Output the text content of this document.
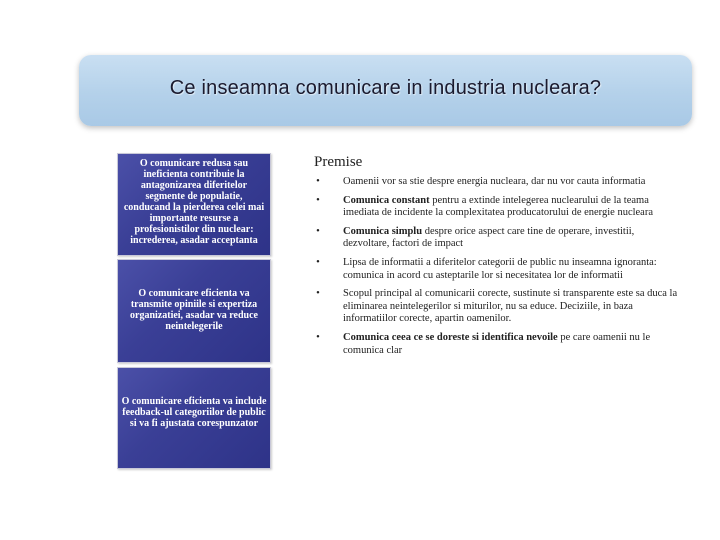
Ce inseamna comunicare in industria nucleara?
O comunicare redusa sau ineficienta contribuie la antagonizarea diferitelor segmente de populatie, conducand la pierderea celei mai importante resurse a profesionistilor din nuclear: increderea, asadar acceptanta
O comunicare eficienta va transmite opiniile si expertiza organizatiei, asadar va reduce neintelegerile
O comunicare eficienta va include feedback-ul categoriilor de public si va fi ajustata corespunzator
Premise
•	Oamenii vor sa stie despre energia nucleara, dar nu vor cauta informatia
•	Comunica constant pentru a extinde intelegerea nuclearului de la teama imediata de incidente la complexitatea producatorului de energie nucleara
•	Comunica simplu despre orice aspect care tine de operare, investitii, dezvoltare, factori de impact
•	Lipsa de informatii a diferitelor categorii de public nu inseamna ignoranta: comunica in acord cu asteptarile lor si necesitatea lor de informatii
•	Scopul principal al comunicarii corecte, sustinute si transparente este sa duca la eliminarea neintelegerilor si miturilor, nu sa educe. Deciziile, in baza informatiilor corecte, apartin oamenilor.
•	Comunica ceea ce se doreste si identifica nevoile pe care oamenii nu le comunica clar
